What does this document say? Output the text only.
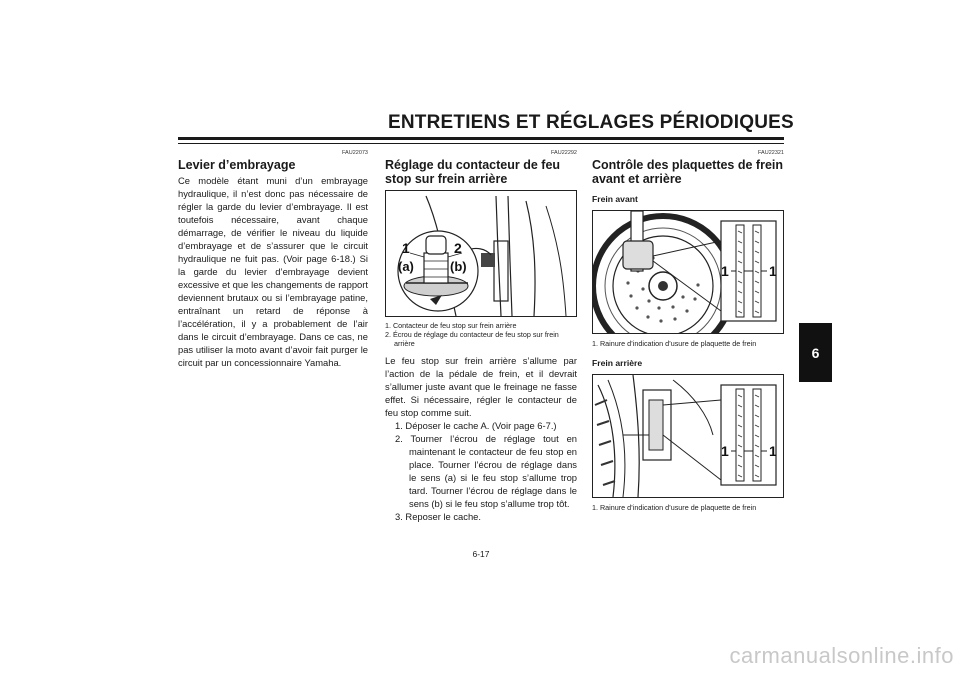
ENTRETIENS ET RÉGLAGES PÉRIODIQUES
6
FAU22073
Levier d’embrayage

Ce modèle étant muni d’un embrayage hydraulique, il n’est donc pas nécessaire de régler la garde du levier d’embrayage. Il est toutefois nécessaire, avant chaque démarrage, de vérifier le niveau du liquide d’embrayage et de s’assurer que le circuit hydraulique ne fuit pas. (Voir page 6-18.) Si la garde du levier d’embrayage devient excessive et que les changements de rapport deviennent brutaux ou si l’embrayage patine, entraînant un retard de réponse à l’accélération, il y a probablement de l’air dans le circuit d’embrayage. Dans ce cas, ne pas utiliser la moto avant d’avoir fait purger le circuit par un concessionnaire Yamaha.

FAU22292
Réglage du contacteur de feu
stop sur frein arrière
1	2
(a)	(b)
1. Contacteur de feu stop sur frein arrière
2. Écrou de réglage du contacteur de feu stop sur frein arrière

Le feu stop sur frein arrière s’allume par l’action de la pédale de frein, et il devrait s’allumer juste avant que le freinage ne fasse effet. Si nécessaire, régler le contacteur de feu stop comme suit.

1. Déposer le cache A. (Voir page 6-7.)
2. Tourner l’écrou de réglage tout en maintenant le contacteur de feu stop en place. Tourner l’écrou de réglage dans le sens (a) si le feu stop s’allume trop tard. Tourner l’écrou de réglage dans le sens (b) si le feu stop s’allume trop tôt.
3. Reposer le cache.
FAU22321
Contrôle des plaquettes de frein
avant et arrière
Frein avant
1	1
1. Rainure d’indication d’usure de plaquette de frein
Frein arrière
1	1
1. Rainure d’indication d’usure de plaquette de frein
6-17
carmanualsonline.info
